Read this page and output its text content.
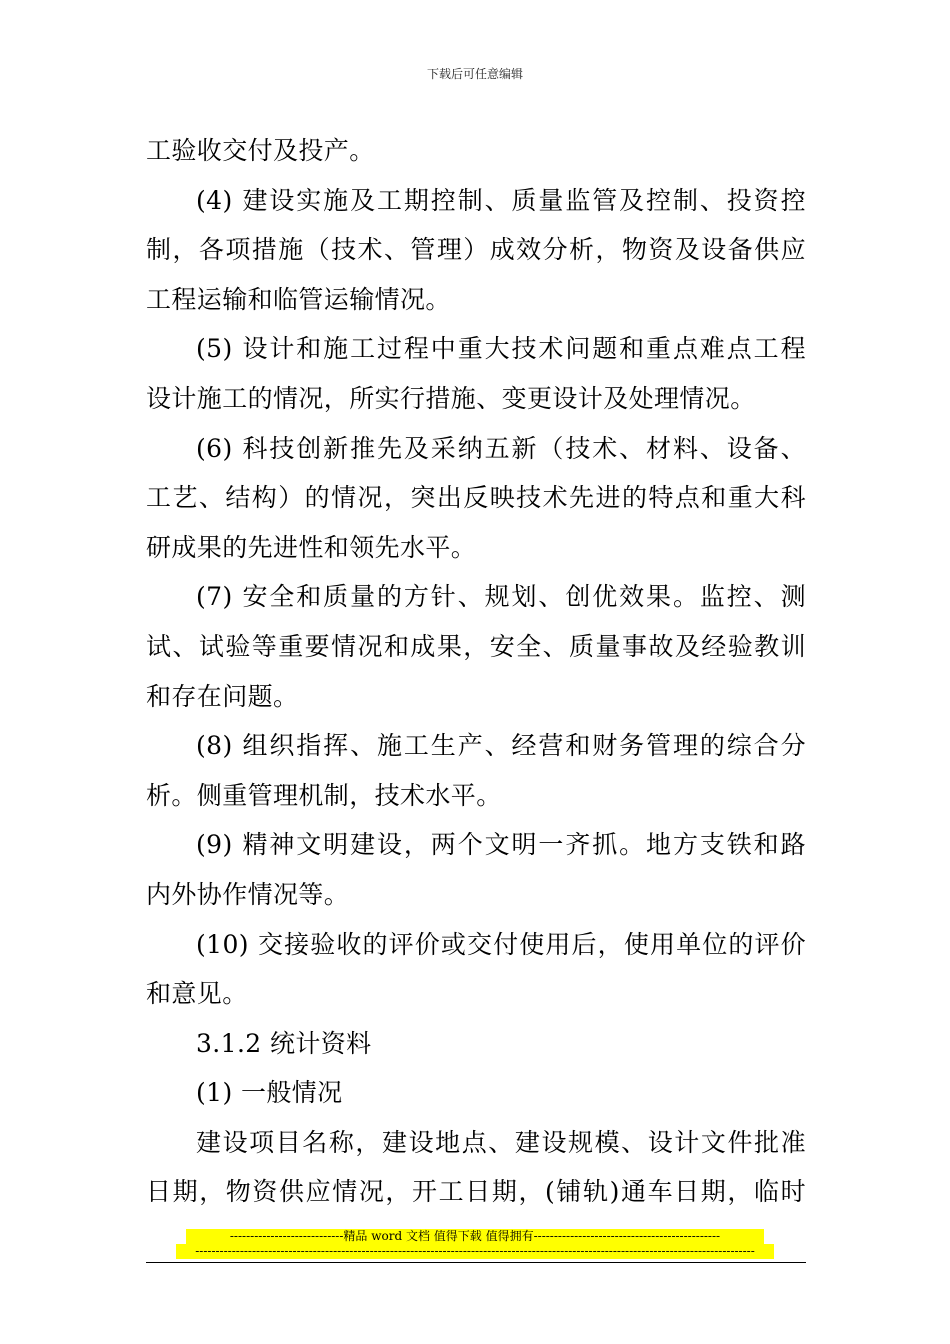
下载后可任意编辑
工验收交付及投产。
(4) 建设实施及工期控制、质量监管及控制、投资控
制，各项措施（技术、管理）成效分析，物资及设备供应
工程运输和临管运输情况。
(5) 设计和施工过程中重大技术问题和重点难点工程
设计施工的情况，所实行措施、变更设计及处理情况。
(6) 科技创新推先及采纳五新（技术、材料、设备、
工艺、结构）的情况，突出反映技术先进的特点和重大科
研成果的先进性和领先水平。
(7) 安全和质量的方针、规划、创优效果。监控、测
试、试验等重要情况和成果，安全、质量事故及经验教训
和存在问题。
(8) 组织指挥、施工生产、经营和财务管理的综合分
析。侧重管理机制，技术水平。
(9) 精神文明建设，两个文明一齐抓。地方支铁和路
内外协作情况等。
(10) 交接验收的评价或交付使用后，使用单位的评价
和意见。
3.1.2 统计资料
(1) 一般情况
建设项目名称，建设地点、建设规模、设计文件批准
日期，物资供应情况，开工日期，(铺轨)通车日期，临时
----------------------------精品 word 文档 值得下载 值得拥有----------------------------------------------
------------------------------------------------------------------------------------------------------------------------------------------
